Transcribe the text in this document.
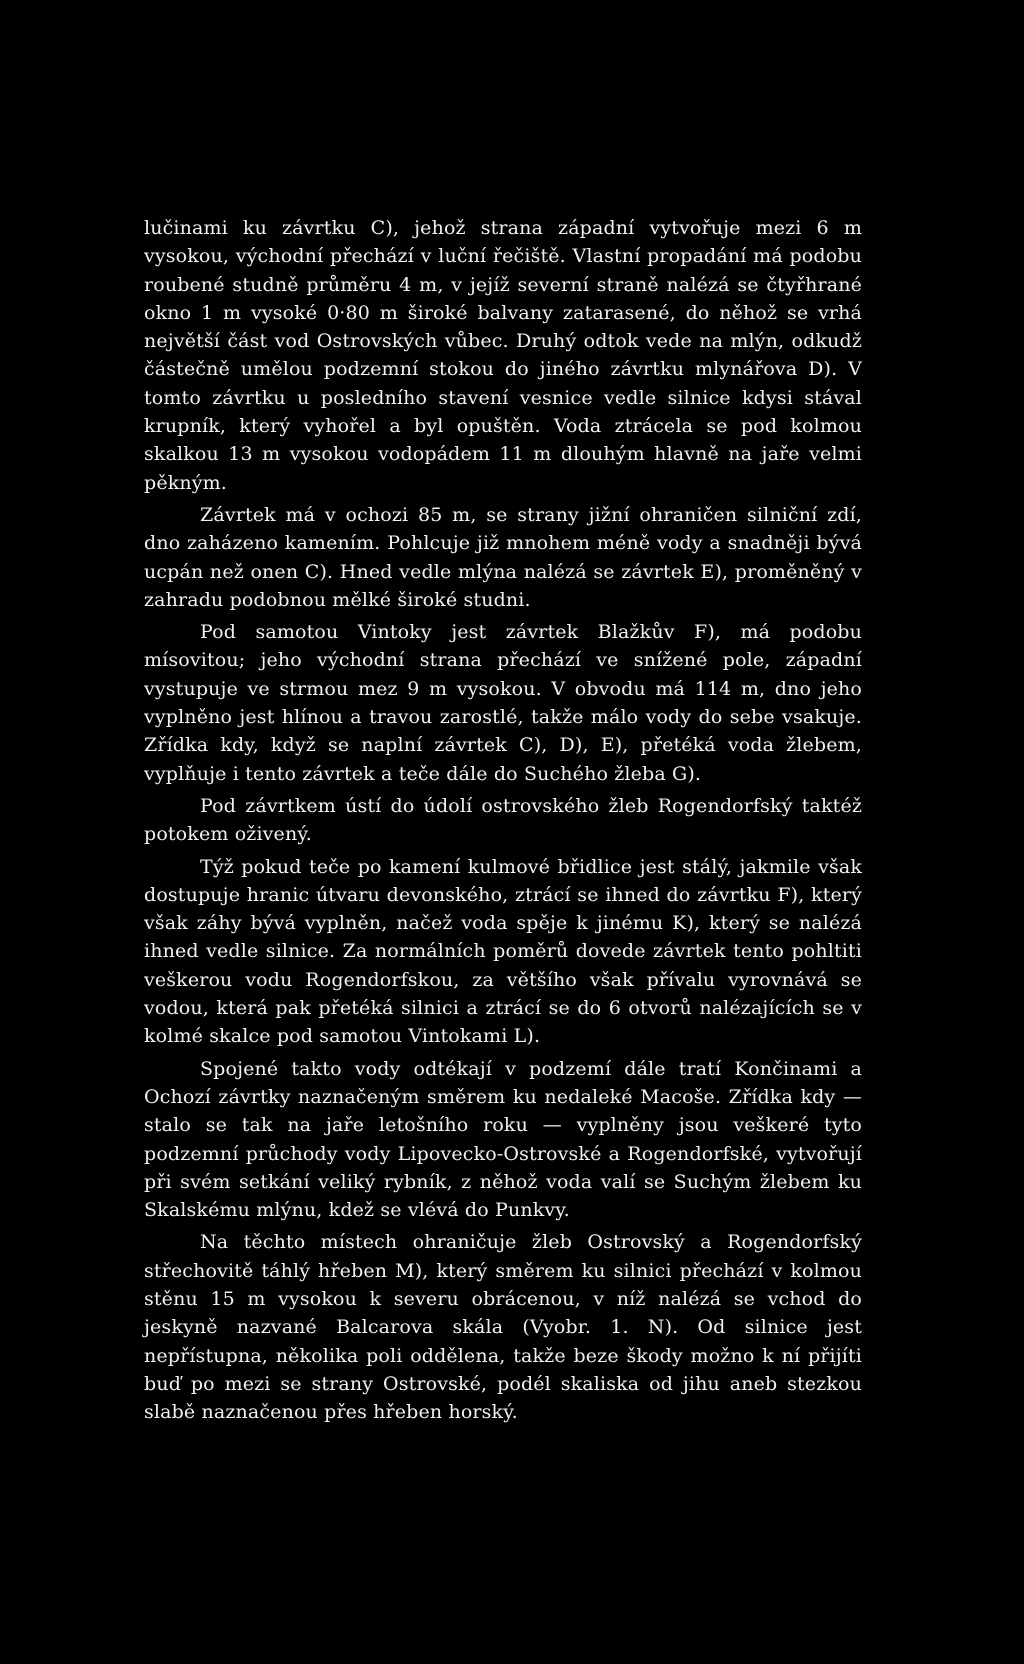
lučinami ku závrtku C), jehož strana západní vytvořuje mezi 6 m vysokou, východní přechází v luční řečiště. Vlastní propadání má podobu roubené studně průměru 4 m, v jejíž severní straně nalézá se čtyřhrané okno 1 m vysoké 0·80 m široké balvany zatarasené, do něhož se vrhá největší část vod Ostrovských vůbec. Druhý odtok vede na mlýn, odkudž částečně umělou podzemní stokou do jiného závrtku mlynářova D). V tomto závrtku u posledního stavení vesnice vedle silnice kdysi stával krupník, který vyhořel a byl opuštěn. Voda ztrácela se pod kolmou skalkou 13 m vysokou vodopádem 11 m dlouhým hlavně na jaře velmi pěkným.

Závrtek má v ochozi 85 m, se strany jižní ohraničen silniční zdí, dno zaházeno kamením. Pohlcuje již mnohem méně vody a snadněji bývá ucpán než onen C). Hned vedle mlýna nalézá se závrtek E), proměněný v zahradu podobnou mělké široké studni.

Pod samotou Vintoky jest závrtek Blažkův F), má podobu mísovitou; jeho východní strana přechází ve snížené pole, západní vystupuje ve strmou mez 9 m vysokou. V obvodu má 114 m, dno jeho vyplněno jest hlínou a travou zarostlé, takže málo vody do sebe vsakuje. Zřídka kdy, když se naplní závrtek C), D), E), přetéká voda žlebem, vyplňuje i tento závrtek a teče dále do Suchého žleba G).

Pod závrtkem ústí do údolí ostrovského žleb Rogendorfský taktéž potokem oživený.

Týž pokud teče po kamení kulmové břidlice jest stálý, jakmile však dostupuje hranic útvaru devonského, ztrácí se ihned do závrtku F), který však záhy bývá vyplněn, načež voda spěje k jinému K), který se nalézá ihned vedle silnice. Za normálních poměrů dovede závrtek tento pohltiti veškerou vodu Rogendorfskou, za většího však přívalu vyrovnává se vodou, která pak přetéká silnici a ztrácí se do 6 otvorů nalézajících se v kolmé skalce pod samotou Vintokami L).

Spojené takto vody odtékají v podzemí dále tratí Končinami a Ochozí závrtky naznačeným směrem ku nedaleké Macoše. Zřídka kdy — stalo se tak na jaře letošního roku — vyplněny jsou veškeré tyto podzemní průchody vody Lipovecko-Ostrovské a Rogendorfské, vytvořují při svém setkání veliký rybník, z něhož voda valí se Suchým žlebem ku Skalskému mlýnu, kdež se vlévá do Punkvy.

Na těchto místech ohraničuje žleb Ostrovský a Rogendorfský střechovitě táhlý hřeben M), který směrem ku silnici přechází v kolmou stěnu 15 m vysokou k severu obrácenou, v níž nalézá se vchod do jeskyně nazvané Balcarova skála (Vyobr. 1. N). Od silnice jest nepřístupna, několika poli oddělena, takže beze škody možno k ní přijíti buď po mezi se strany Ostrovské, podél skaliska od jihu aneb stezkou slabě naznačenou přes hřeben horský.
